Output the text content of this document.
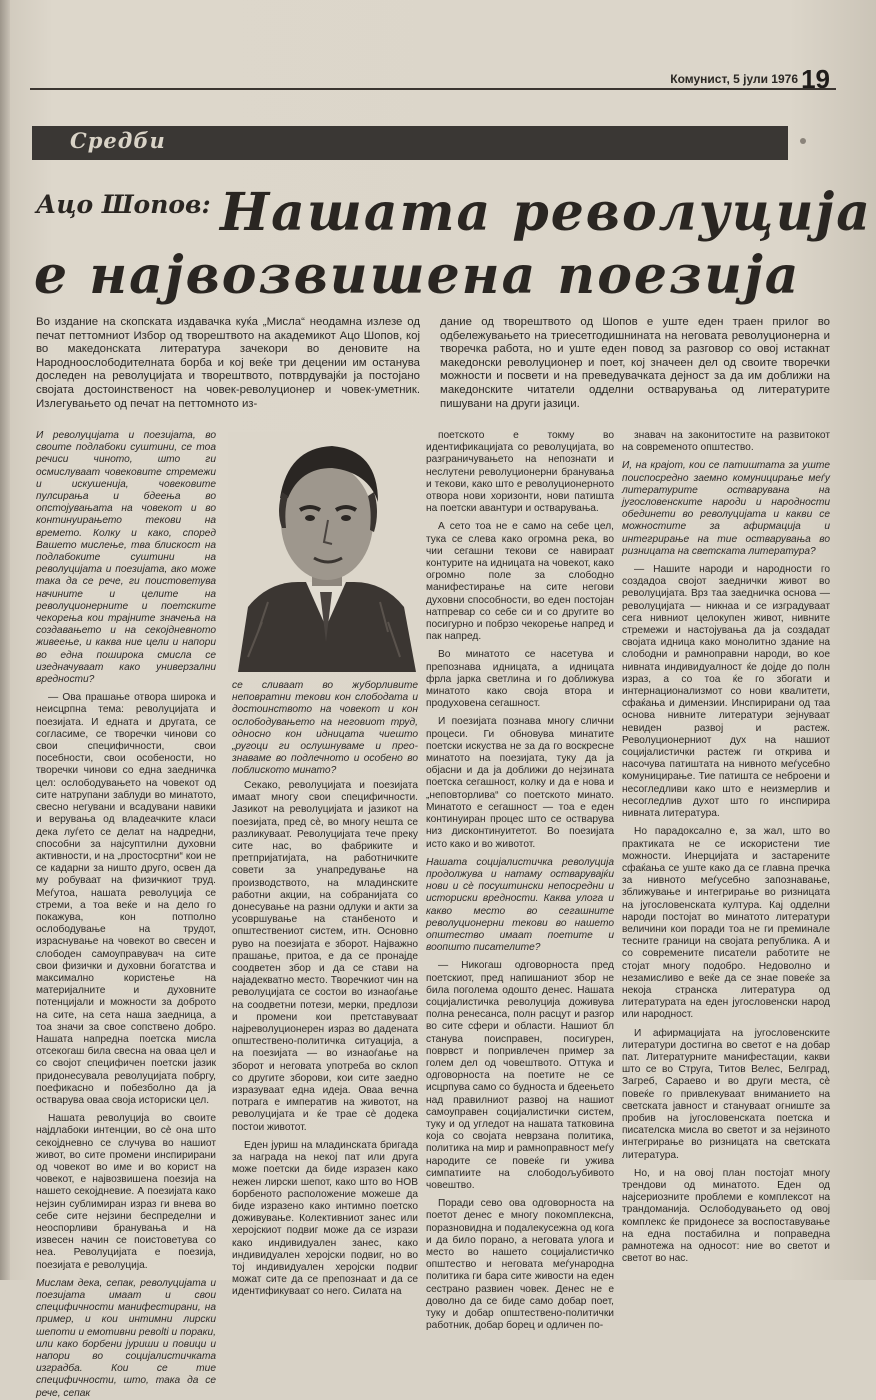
Комунист, 5 јули 1976 19
Средби
Ацо Шопов: Нашата револуција
е највозвишена поезија
Во издание на скопската издавачка куќа „Мисла“ неодамна излезе од печат петтомниот Избор од творештвото на академикот Ацо Шопов, кој во македонската литература зачекори во деновите на Народноослободителната борба и кој веќе три децении им останува доследен на револуцијата и творештвото, потврдувајќи ја постојано својата достоинственост на човек-револуционер и човек-уметник. Излегувањето од печат на петтомното из-
дание од творештвото од Шопов е уште еден траен прилог во одбележувањето на триесетгодишнината на неговата револуционерна и творечка работа, но и уште еден повод за разговор со овој истакнат македонски револуционер и поет, кој значеен дел од своите творечки можности и посвети и на преведувачката дејност за да им доближи на македонските читатели одделни остварувања од литературите пишувани на други јазици.

И револуцијата и поезијата, во своите подлабоки суштини, се тоа речиси чиното, што ги осмислуваат човековите стремежи и искушенија, човековите пулсирања и бдеења во опстојувањата на човекот и во континуирањето текови на времето. Колку и како, според Вашето мислење, тва блискост на подлабоките суштини на револуцијата и поезијата, ако може така да се рече, ги поистоветува начините и целите на револуционерните и поетските чекорења кои трајните значења на создавањето и на секојдневното живеење, и каква ние цели и напори во една поширока смисла се изедначуваат како универзални вредности?

— Ова прашање отвора широка и неисцрпна тема: револуцијата и поезијата. И едната и другата, се согласиме, се творечки чинови со свои специфичности, свои посебности, свои особености, но творечки чинови со една заедничка цел: ослободувањето на човекот од сите натрупани заблуди во минатото, свесно негувани и всадувани навики и верувања од владеачките класи дека луѓето се делат на надредни, способни за најсуптилни духовни активности, и на „простосртни“ кои не се кадарни за ништо друго, освен да му робуваат на физичкиот труд. Меѓутоа, нашата револуција се стреми, а тоа веќе и на дело го покажува, кон потполно ослободување на трудот, израснување на човекот во свесен и слободен самоуправувач на сите свои физички и духовни богатства и максимално користење на материјалните и духовните потенцијали и можности за доброто на сите, на сета наша заедница, а тоа значи за свое сопствено добро. Нашата напредна поетска мисла отсекогаш била свесна на оваа цел и со својот специфичен поетски јазик придонесувала револуцијата побргу, поефикасно и побезболно да ја остварува оваа своја историски цел.

Нашата револуција во своите најдлабоки интенции, во сè она што секојдневно се случува во нашиот живот, во сите промени инспирирани од човекот во име и во корист на човекот, е највозвишена поезија на нашето секојдневие. А поезијата како нејзин сублимиран израз ги внева во себе сите нејзини беспределни и неоспорливи бранувања и на извесен начин се поистоветува со неа. Револуцијата е поезија, поезијата е револуција.

Мислам дека, сепак, револуцијата и поезијата имаат и свои специфичности манифестирани, на пример, и кои интимни лирски шепоти и емотивни ревolti и пораки, или како борбени јуриши и повици и напори во социјалистичката изградба. Кои се тие специфичности, што, така да се рече, сепак

се сливаат во жуборливите неповратни текови кон слободата и достоинството на човекот и кон ослободувањето на неговиот труд, односно кон идницата чиешто „ругоци ги ослушнуваме и прео- знаваме во подлечното и особено во поблиското минато?

Секако, револуцијата и поезијата имаат многу свои специфичности. Јазикот на револуцијата и јазикот на поезијата, пред сè, во многу нешта се разликуваат. Револуцијата тече преку сите нас, во фабриките и претпријатијата, на работничките совети за унапредување на производството, на младинските работни акции, на собранијата со донесување на разни одлуки и акти за усовршување на станбеното и општествениот систем, итн. Основно руво на поезијата е зборот. Најважно прашање, притоа, е да се пронајде соодветен збор и да се стави на најадекватно место. Творечкиот чин на револуцијата се состои во изнаоѓање на соодветни потези, мерки, предлози и промени кои претставуваат најреволуционерен израз во дадената општествено-политичка ситуација, а на поезијата — во изнаоѓање на зборот и неговата употреба во склоп со другите зборови, кои сите заедно изразуваат една идеја. Оваа вечна потрага е императив на животот, на револуцијата и ќе трае сè додека постои животот.

Еден јуриш на младинската бригада за награда на некој пат или друга може поетски да биде изразен како нежен лирски шепот, како што во НОВ борбеното расположение можеше да биде изразено како интимно поетско доживување. Колективниот занес или херојскиот подвиг може да се изрази како индивидуален занес, како индивидуален херојски подвиг, но во тој индивидуален херојски подвиг можат сите да се препознаат и да се идентификуваат со него. Силата на

поетското е токму во идентификацијата со револуцијата, во разграничувањето на непознати и неслутени револуционерни бранувања и текови, како што е револуционерното отвора нови хоризонти, нови патишта на поетски авантури и остварувања.

А сето тоа не е само на себе цел, тука се слева како огромна река, во чии сегашни текови се навираат контурите на идницата на човекот, како огромно поле за слободно манифестирање на сите негови духовни способности, во еден постојан натпревар со себе си и со другите во посигурно и побрзо чекорење напред и пак напред.

Во минатото се насетува и препознава идницата, а идницата фрла јарка светлина и го доближува минатото како своја втора и продуховена сегашност.

И поезијата познава многу слични процеси. Ги обновува минатите поетски искуства не за да го воскресне минатото на поезијата, туку да ја објасни и да ја доближи до нејзината поетска сегашност, колку и да е нова и „неповторлива“ со поетското минато. Минатото е сегашност — тоа е еден континуиран процес што се остварува низ дисконтинуитетот. Во поезијата исто како и во животот.

Нашата социјалистичка револуција продолжува и натаму остварувајќи нови и сè посуштински непосредни и историски вредности. Каква улога и какво место во сегашните револуционерни текови во нашето општество имаат поетите и воопшто писателите?

— Никогаш одговорноста пред поетскиот, пред напишаниот збор не била поголема одошто денес. Нашата социјалистичка револуција доживува полна ренесанса, полн расцут и разгор во сите сфери и области. Нашиот бл станува поисправен, посигурен, поврвст и попривлечен пример за голем дел од човештвото. Оттука и одговорноста на поетите не се исцрпува само со будноста и бдеењето над правилниот развој на нашиот самоуправен социјалистички систем, туку и од угледот на нашата татковина која со својата неврзана политика, политика на мир и рамноправност меѓу народите се повеќе ги ужива симпатиите на слободољубивото човештво.

Поради сево ова одговорноста на поетот денес е многу покомплексна, поразновидна и подалекусежна од кога и да било порано, а неговата улога и место во нашето социјалистичко општество и неговата меѓународна политика ги бара сите живости на еден сестрано развиен човек. Денес не е доволно да се биде само добар поет, туку и добар општествено-политички работник, добар борец и одличен по-

знавач на законитостите на развитокот на современото општество.

И, на крајот, кои се патиштата за уште поиспосредно заемно комуницирање меѓу литературите остварувана на југословенските народи и народности обединети во револуцијата и какви се можностите за афирмација и интегрирање на тие остварувања во ризницата на светската литература?

— Нашите народи и народности го создадоа својот заеднички живот во револуцијата. Врз таа заедничка основа — револуцијата — никнаа и се изградуваат сега нивниот целокупен живот, нивните стремежи и настојувања да ја создадат својата идница како монолитно здание на слободни и рамноправни народи, во кое нивната индивидуалност ќе дојде до полн израз, а со тоа ќе го збогати и интернационализмот со нови квалитети, сфаќања и димензии. Инспирирани од таа основа нивните литератури зејнуваат невиден развој и растеж. Револуционерниот дух на нашиот социјалистички растеж ги открива и насочува патиштата на нивното меѓусебно комуницирање. Тие патишта се неброени и несогледливи како што е неизмерлив и несогледлив духот што го инспирира нивната литература.

Но парадоксално е, за жал, што во практиката не се искористени тие можности. Инерцијата и застарените сфаќања се уште како да се главна пречка за нивното меѓусебно запознавање, зближување и интегрирање во ризницата на југословенската култура. Кај одделни народи постојат во минатото литератури величини кои поради тоа не ги преминале тесните граници на својата република. А и со современите писатели работите не стојат многу подобро. Недоволно и незамисливо е веќе да се знае повеќе за некоја странска литература од литературата на еден југословенски народ или народност.

И афирмацијата на југословенските литератури достигна во светот е на добар пат. Литературните манифестации, какви што се во Струга, Титов Велес, Белград, Загреб, Сараево и во други места, сè повеќе го привлекуваат вниманието на светската јавност и стануваат огниште за пробив на југословенската поетска и писателска мисла во светот и за нејзиното интегрирање во ризницата на светската литература.

Но, и на овој план постојат многу трендови од минатото. Еден од најсериозните проблеми е комплексот на трандоманија. Ослободувањето од овој комплекс ќе придонесе за воспоставување на една постабилна и поправедна рамнотежа на односот: ние во светот и светот во нас.
